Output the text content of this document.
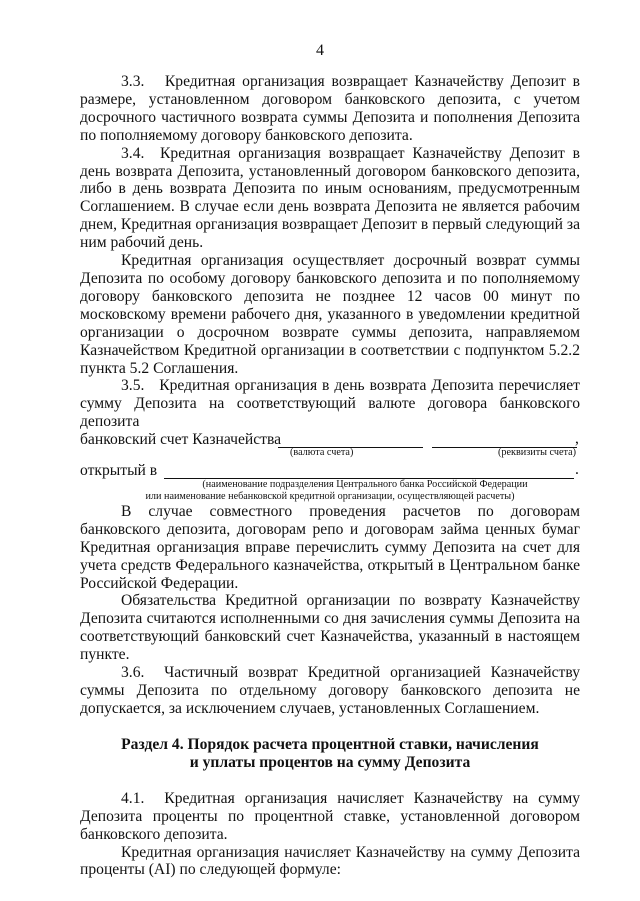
4

3.3.   Кредитная организация возвращает Казначейству Депозит в размере, установленном договором банковского депозита, с учетом досрочного частичного возврата суммы Депозита и пополнения Депозита по пополняемому договору банковского депозита.

3.4.  Кредитная организация возвращает Казначейству Депозит в день возврата Депозита, установленный договором банковского депозита, либо в день возврата Депозита по иным основаниям, предусмотренным Соглашением. В случае если день возврата Депозита не является рабочим днем, Кредитная организация возвращает Депозит в первый следующий за ним рабочий день.

Кредитная организация осуществляет досрочный возврат суммы Депозита по особому договору банковского депозита и по пополняемому договору банковского депозита не позднее 12 часов 00 минут по московскому времени рабочего дня, указанного в уведомлении кредитной организации о досрочном возврате суммы депозита, направляемом Казначейством Кредитной организации в соответствии с подпунктом 5.2.2 пункта 5.2 Соглашения.

3.5.   Кредитная организация в день возврата Депозита перечисляет сумму Депозита на соответствующий валюте договора банковского депозита

банковский счет Казначейства	,
(валюта счета)	(реквизиты счета)
открытый в	.
(наименование подразделения Центрального банка Российской Федерации
или наименование небанковской кредитной организации, осуществляющей расчеты)

В случае совместного проведения расчетов по договорам банковского депозита, договорам репо и договорам займа ценных бумаг Кредитная организация вправе перечислить сумму Депозита на счет для учета средств Федерального казначейства, открытый в Центральном банке Российской Федерации.

Обязательства Кредитной организации по возврату Казначейству Депозита считаются исполненными со дня зачисления суммы Депозита на соответствующий банковский счет Казначейства, указанный в настоящем пункте.

3.6.  Частичный возврат Кредитной организацией Казначейству суммы Депозита по отдельному договору банковского депозита не допускается, за исключением случаев, установленных Соглашением.

Раздел 4. Порядок расчета процентной ставки, начисления
и уплаты процентов на сумму Депозита

4.1.  Кредитная организация начисляет Казначейству на сумму Депозита проценты по процентной ставке, установленной договором банковского депозита.

Кредитная организация начисляет Казначейству на сумму Депозита проценты (AI) по следующей формуле:
